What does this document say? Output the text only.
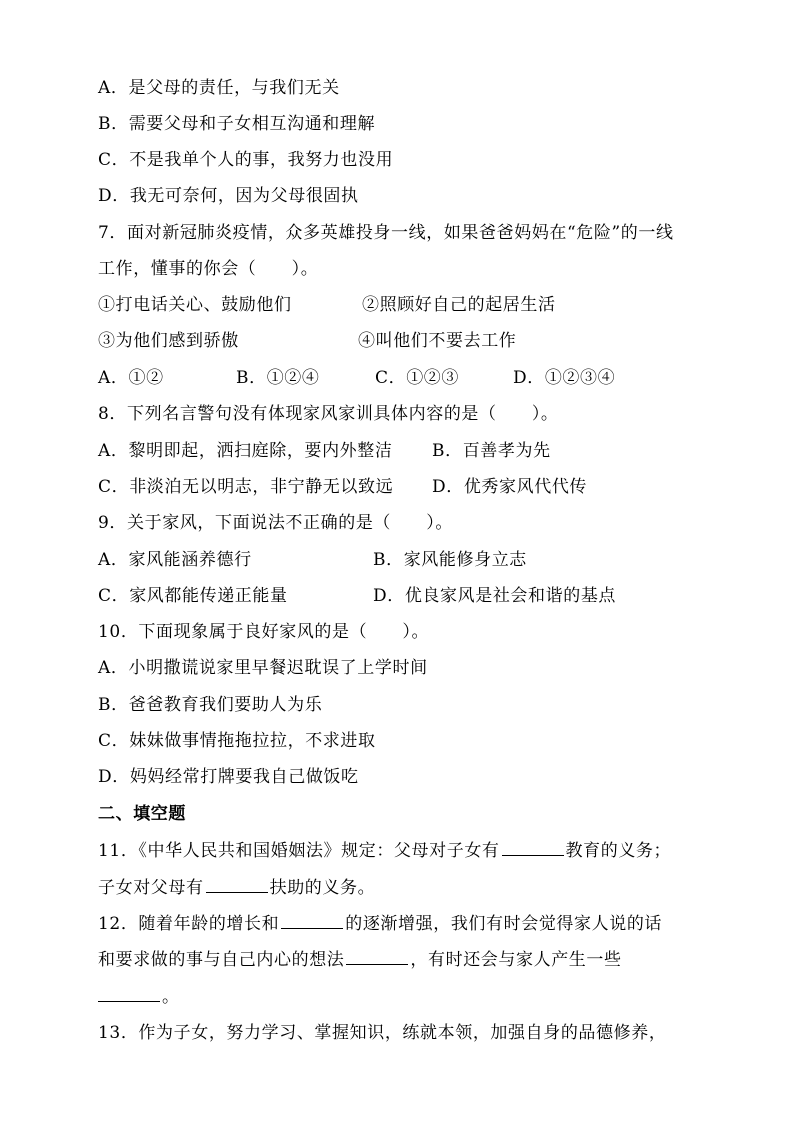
A．是父母的责任，与我们无关
B．需要父母和子女相互沟通和理解
C．不是我单个人的事，我努力也没用
D．我无可奈何，因为父母很固执
7．面对新冠肺炎疫情，众多英雄投身一线，如果爸爸妈妈在“危险”的一线
工作，懂事的你会（　　）。
①打电话关心、鼓励他们	②照顾好自己的起居生活
③为他们感到骄傲	④叫他们不要去工作
A．①②	B．①②④	C．①②③	D．①②③④
8．下列名言警句没有体现家风家训具体内容的是（　　）。
A．黎明即起，洒扫庭除，要内外整洁 B．百善孝为先
C．非淡泊无以明志，非宁静无以致远 D．优秀家风代代传
9．关于家风，下面说法不正确的是（　　）。
A．家风能涵养德行	B．家风能修身立志
C．家风都能传递正能量	D．优良家风是社会和谐的基点
10．下面现象属于良好家风的是（　　）。
A．小明撒谎说家里早餐迟耽误了上学时间
B．爸爸教育我们要助人为乐
C．妹妹做事情拖拖拉拉，不求进取
D．妈妈经常打牌要我自己做饭吃
二、填空题
11．《中华人民共和国婚姻法》规定：父母对子女有	教育的义务；
子女对父母有	扶助的义务。
12．随着年龄的增长和	的逐渐增强，我们有时会觉得家人说的话
和要求做的事与自己内心的想法	，有时还会与家人产生一些
。
13．作为子女，努力学习、掌握知识，练就本领，加强自身的品德修养，
